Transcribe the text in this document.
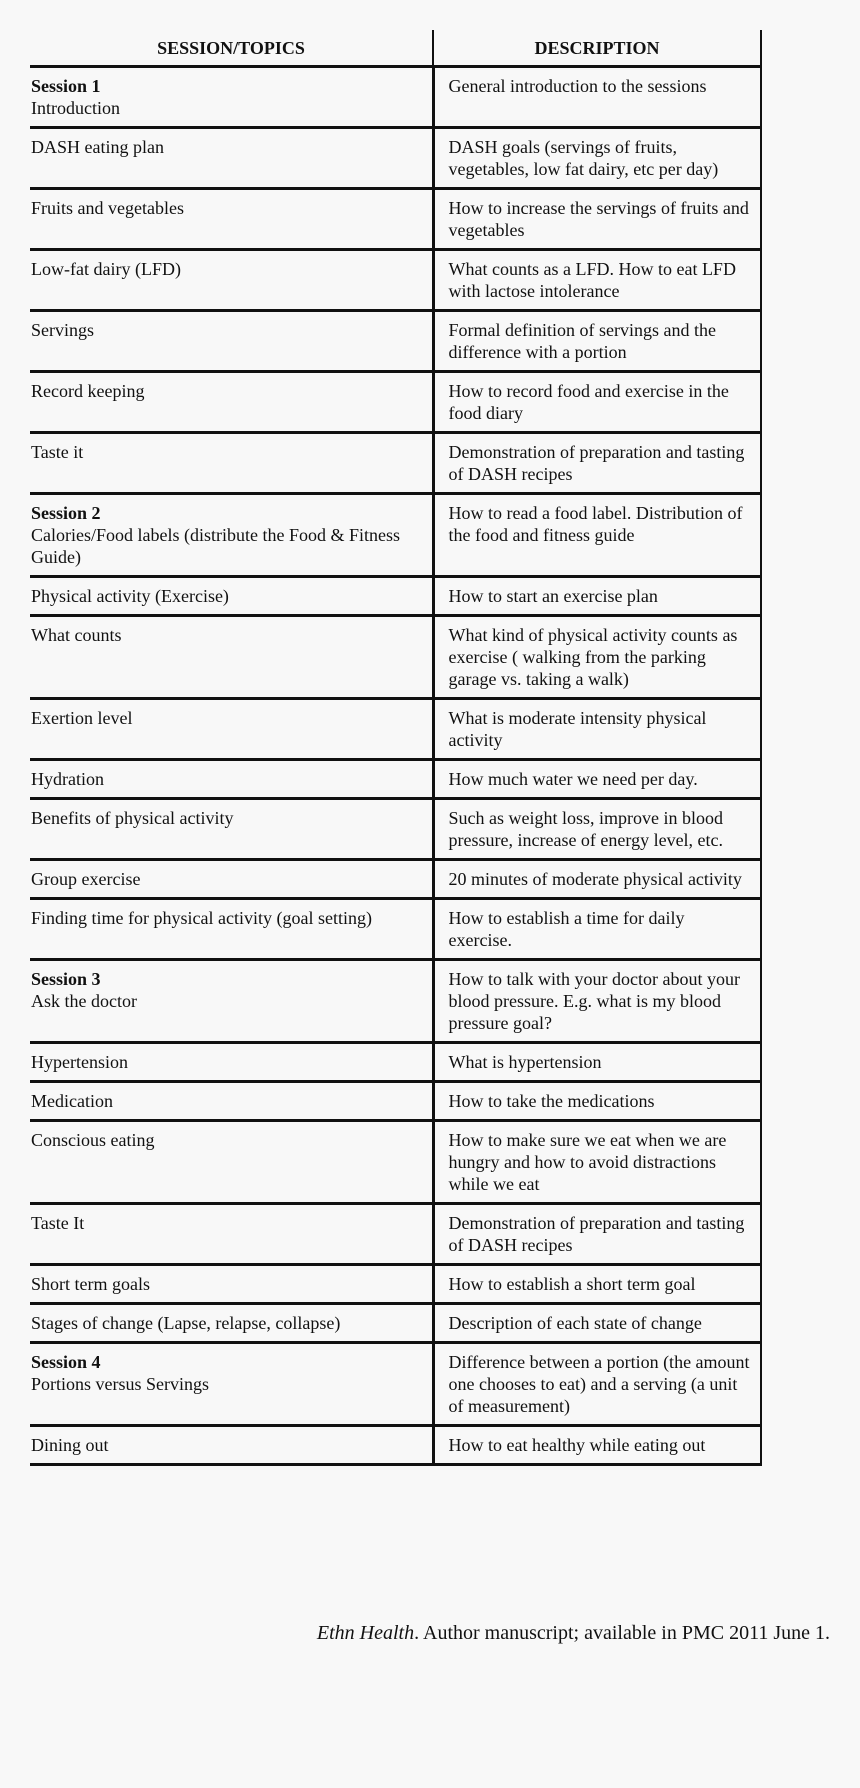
SESSION/TOPICS	DESCRIPTION

Session 1
Introduction	General introduction to the sessions

DASH eating plan	DASH goals (servings of fruits, vegetables, low fat dairy, etc per day)

Fruits and vegetables	How to increase the servings of fruits and vegetables

Low-fat dairy (LFD)	What counts as a LFD. How to eat LFD with lactose intolerance

Servings	Formal definition of servings and the difference with a portion

Record keeping	How to record food and exercise in the food diary

Taste it	Demonstration of preparation and tasting of DASH recipes

Session 2
Calories/Food labels (distribute the Food & Fitness Guide)	How to read a food label. Distribution of the food and fitness guide

Physical activity (Exercise)	How to start an exercise plan

What counts	What kind of physical activity counts as exercise ( walking from the parking garage vs. taking a walk)

Exertion level	What is moderate intensity physical activity

Hydration	How much water we need per day.

Benefits of physical activity	Such as weight loss, improve in blood pressure, increase of energy level, etc.

Group exercise	20 minutes of moderate physical activity

Finding time for physical activity (goal setting)	How to establish a time for daily exercise.

Session 3
Ask the doctor	How to talk with your doctor about your blood pressure. E.g. what is my blood pressure goal?

Hypertension	What is hypertension

Medication	How to take the medications

Conscious eating	How to make sure we eat when we are hungry and how to avoid distractions while we eat

Taste It	Demonstration of preparation and tasting of DASH recipes

Short term goals	How to establish a short term goal

Stages of change (Lapse, relapse, collapse)	Description of each state of change

Session 4
Portions versus Servings	Difference between a portion (the amount one chooses to eat) and a serving (a unit of measurement)

Dining out	How to eat healthy while eating out
Ethn Health. Author manuscript; available in PMC 2011 June 1.
